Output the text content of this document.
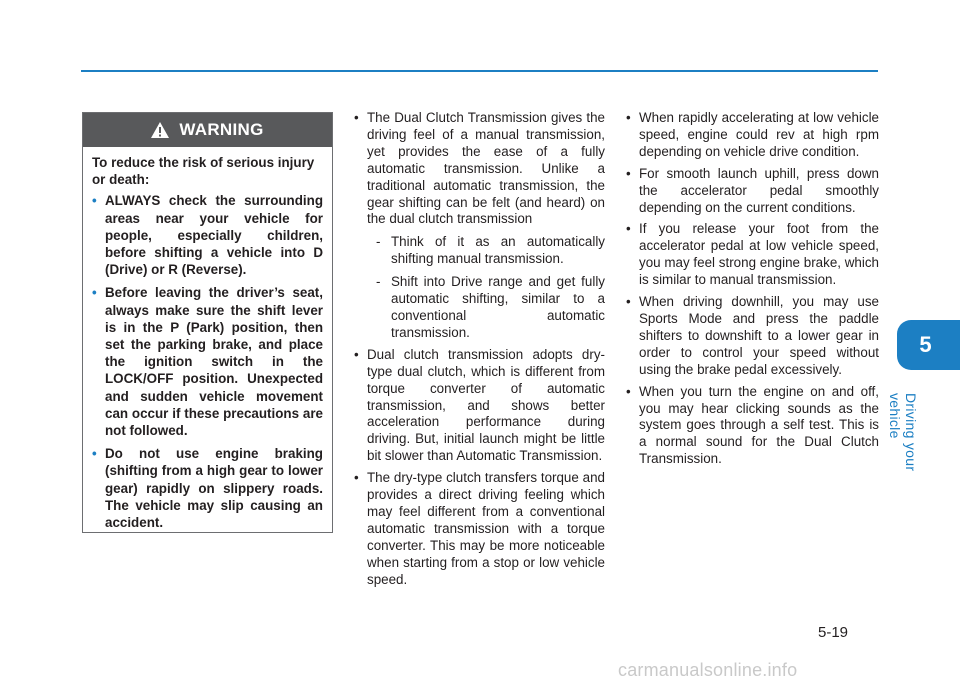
5
Driving your vehicle
WARNING

To reduce the risk of serious injury or death:

• ALWAYS check the surrounding areas near your vehicle for people, especially children, before shifting a vehicle into D (Drive) or R (Reverse).
• Before leaving the driver’s seat, always make sure the shift lever is in the P (Park) position, then set the parking brake, and place the ignition switch in the LOCK/OFF position. Unexpected and sudden vehicle movement can occur if these precautions are not followed.
• Do not use engine braking (shifting from a high gear to lower gear) rapidly on slippery roads. The vehicle may slip causing an accident.
• The Dual Clutch Transmission gives the driving feel of a manual transmission, yet provides the ease of a fully automatic transmission. Unlike a traditional automatic transmission, the gear shifting can be felt (and heard) on the dual clutch transmission
- Think of it as an automatically shifting manual transmission.
- Shift into Drive range and get fully automatic shifting, similar to a conventional automatic transmission.
• Dual clutch transmission adopts dry-type dual clutch, which is different from torque converter of automatic transmission, and shows better acceleration performance during driving. But, initial launch might be little bit slower than Automatic Transmission.
• The dry-type clutch transfers torque and provides a direct driving feeling which may feel different from a conventional automatic transmission with a torque converter. This may be more noticeable when starting from a stop or low vehicle speed.
• When rapidly accelerating at low vehicle speed, engine could rev at high rpm depending on vehicle drive condition.
• For smooth launch uphill, press down the accelerator pedal smoothly depending on the current conditions.
• If you release your foot from the accelerator pedal at low vehicle speed, you may feel strong engine brake, which is similar to manual transmission.
• When driving downhill, you may use Sports Mode and press the paddle shifters to downshift to a lower gear in order to control your speed without using the brake pedal excessively.
• When you turn the engine on and off, you may hear clicking sounds as the system goes through a self test. This is a normal sound for the Dual Clutch Transmission.
5-19
carmanualsonline.info
